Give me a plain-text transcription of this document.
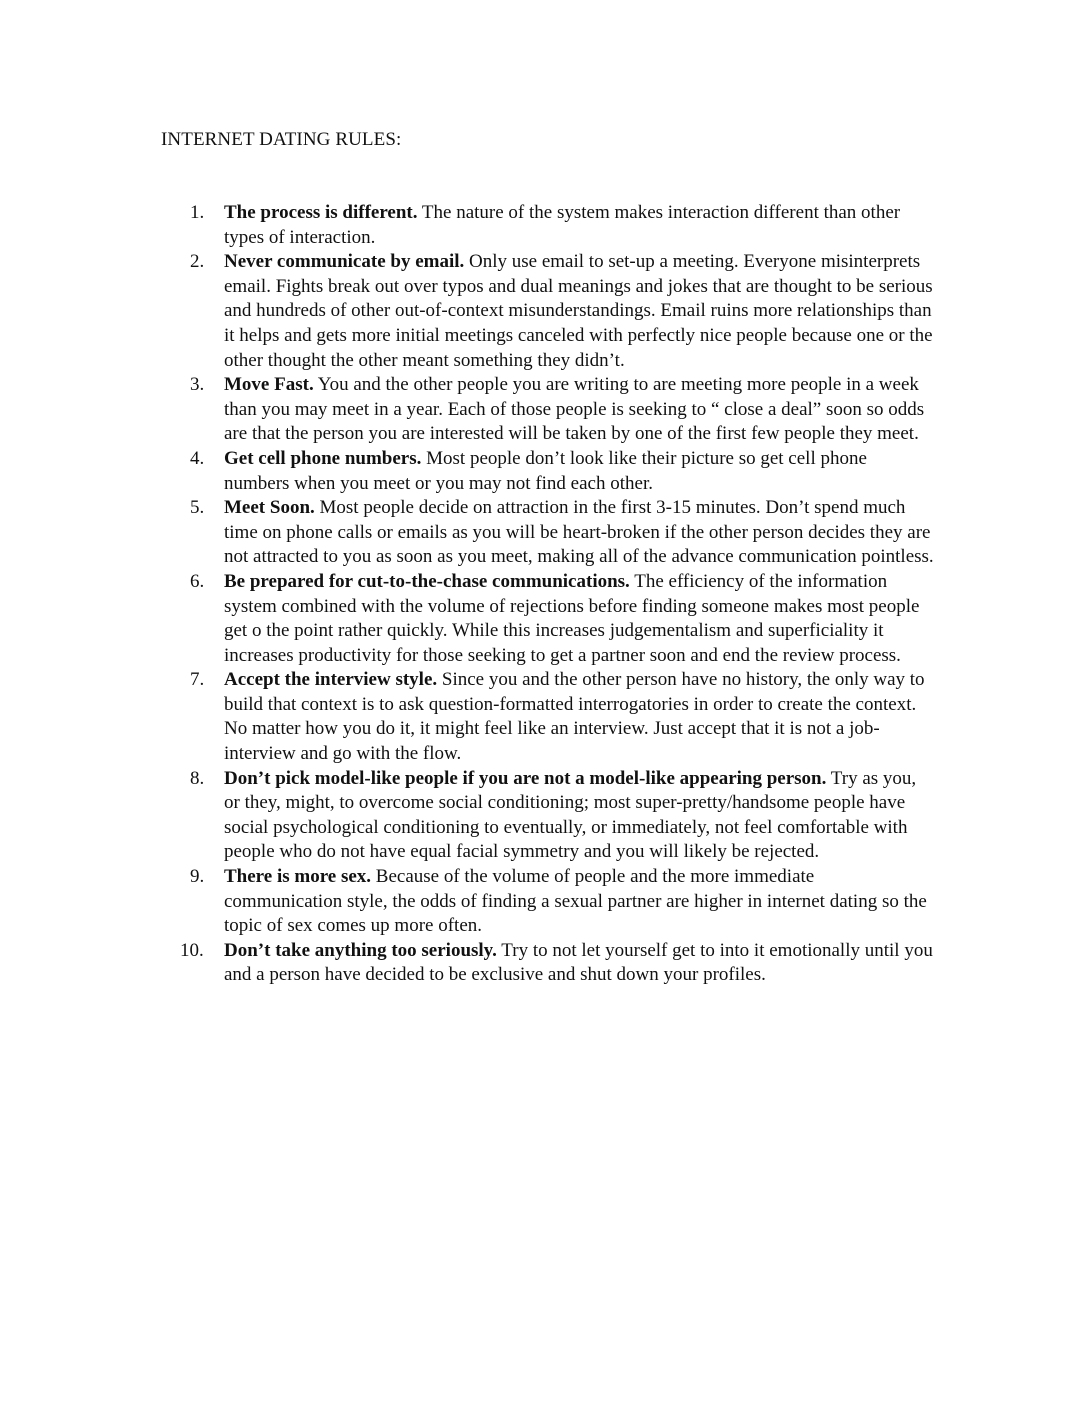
INTERNET DATING RULES:
1. The process is different. The nature of the system makes interaction different than other types of interaction.
2. Never communicate by email. Only use email to set-up a meeting. Everyone misinterprets email. Fights break out over typos and dual meanings and jokes that are thought to be serious and hundreds of other out-of-context misunderstandings. Email ruins more relationships than it helps and gets more initial meetings canceled with perfectly nice people because one or the other thought the other meant something they didn’t.
3. Move Fast. You and the other people you are writing to are meeting more people in a week than you may meet in a year. Each of those people is seeking to “ close a deal” soon so odds are that the person you are interested will be taken by one of the first few people they meet.
4. Get cell phone numbers. Most people don’t look like their picture so get cell phone numbers when you meet or you may not find each other.
5. Meet Soon. Most people decide on attraction in the first 3-15 minutes. Don’t spend much time on phone calls or emails as you will be heart-broken if the other person decides they are not attracted to you as soon as you meet, making all of the advance communication pointless.
6. Be prepared for cut-to-the-chase communications. The efficiency of the information system combined with the volume of rejections before finding someone makes most people get o the point rather quickly. While this increases judgementalism and superficiality it increases productivity for those seeking to get a partner soon and end the review process.
7. Accept the interview style. Since you and the other person have no history, the only way to build that context is to ask question-formatted interrogatories in order to create the context. No matter how you do it, it might feel like an interview. Just accept that it is not a job-interview and go with the flow.
8. Don’t pick model-like people if you are not a model-like appearing person. Try as you, or they, might, to overcome social conditioning; most super-pretty/handsome people have social psychological conditioning to eventually, or immediately, not feel comfortable with people who do not have equal facial symmetry and you will likely be rejected.
9. There is more sex. Because of the volume of people and the more immediate communication style, the odds of finding a sexual partner are higher in internet dating so the topic of sex comes up more often.
10. Don’t take anything too seriously. Try to not let yourself get to into it emotionally until you and a person have decided to be exclusive and shut down your profiles.
